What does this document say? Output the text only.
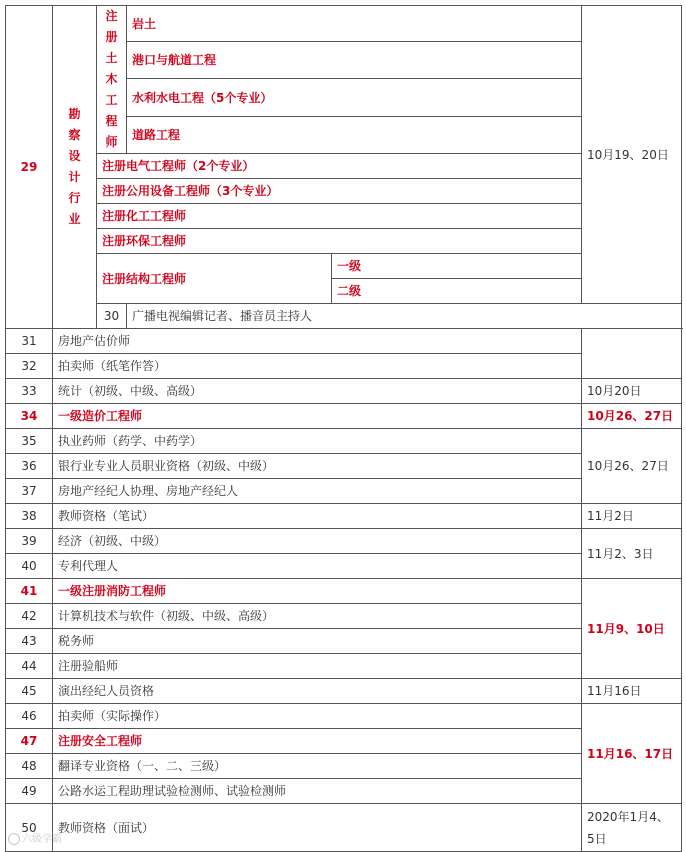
29	勘察设计行业	注册土木工程师	岩土		10月19、20日	
			港口与航道工程			
			水利水电工程（5个专业）			
			道路工程			
		注册电气工程师（2个专业）				
		注册公用设备工程师（3个专业）				
		注册化工工程师				
		注册环保工程师				
		注册结构工程师		一级		
				二级	
		30	广播电视编辑记者、播音员主持人	
31	房地产估价师					
32	拍卖师（纸笔作答）					
33	统计（初级、中级、高级）				10月20日	
34	一级造价工程师				10月26、27日	
35	执业药师（药学、中药学）				10月26、27日	
36	银行业专业人员职业资格（初级、中级）					
37	房地产经纪人协理、房地产经纪人					
38	教师资格（笔试）				11月2日	
39	经济（初级、中级）				11月2、3日	
40	专利代理人					
41	一级注册消防工程师				11月9、10日	
42	计算机技术与软件（初级、中级、高级）					
43	税务师					
44	注册验船师					
45	演出经纪人员资格				11月16日	
46	拍卖师（实际操作）				11月16、17日	
47	注册安全工程师					
48	翻译专业资格（一、二、三级）					
49	公路水运工程助理试验检测师、试验检测师					
50	教师资格（面试）				2020年1月4、5日	
六级学霸
